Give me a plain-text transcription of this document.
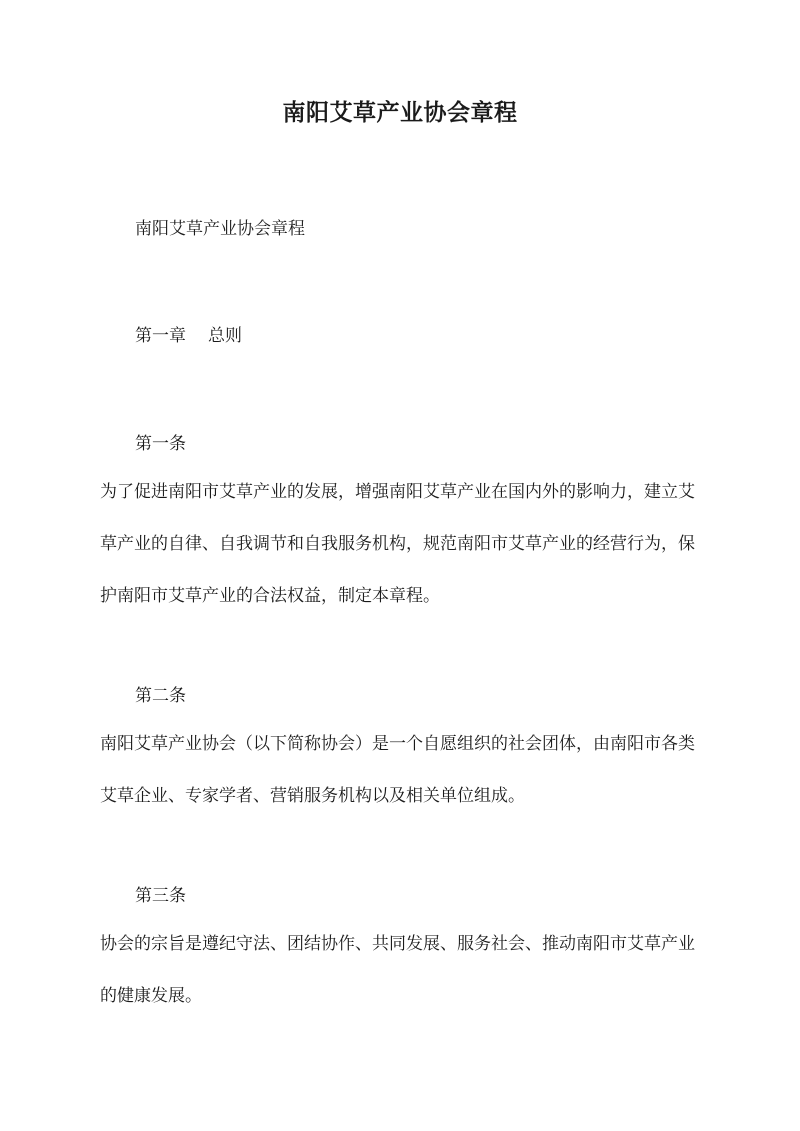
南阳艾草产业协会章程
南阳艾草产业协会章程
第一章 总则
第一条
为了促进南阳市艾草产业的发展，增强南阳艾草产业在国内外的影响力，建立艾草产业的自律、自我调节和自我服务机构，规范南阳市艾草产业的经营行为，保护南阳市艾草产业的合法权益，制定本章程。
第二条
南阳艾草产业协会（以下简称协会）是一个自愿组织的社会团体，由南阳市各类艾草企业、专家学者、营销服务机构以及相关单位组成。
第三条
协会的宗旨是遵纪守法、团结协作、共同发展、服务社会、推动南阳市艾草产业的健康发展。
